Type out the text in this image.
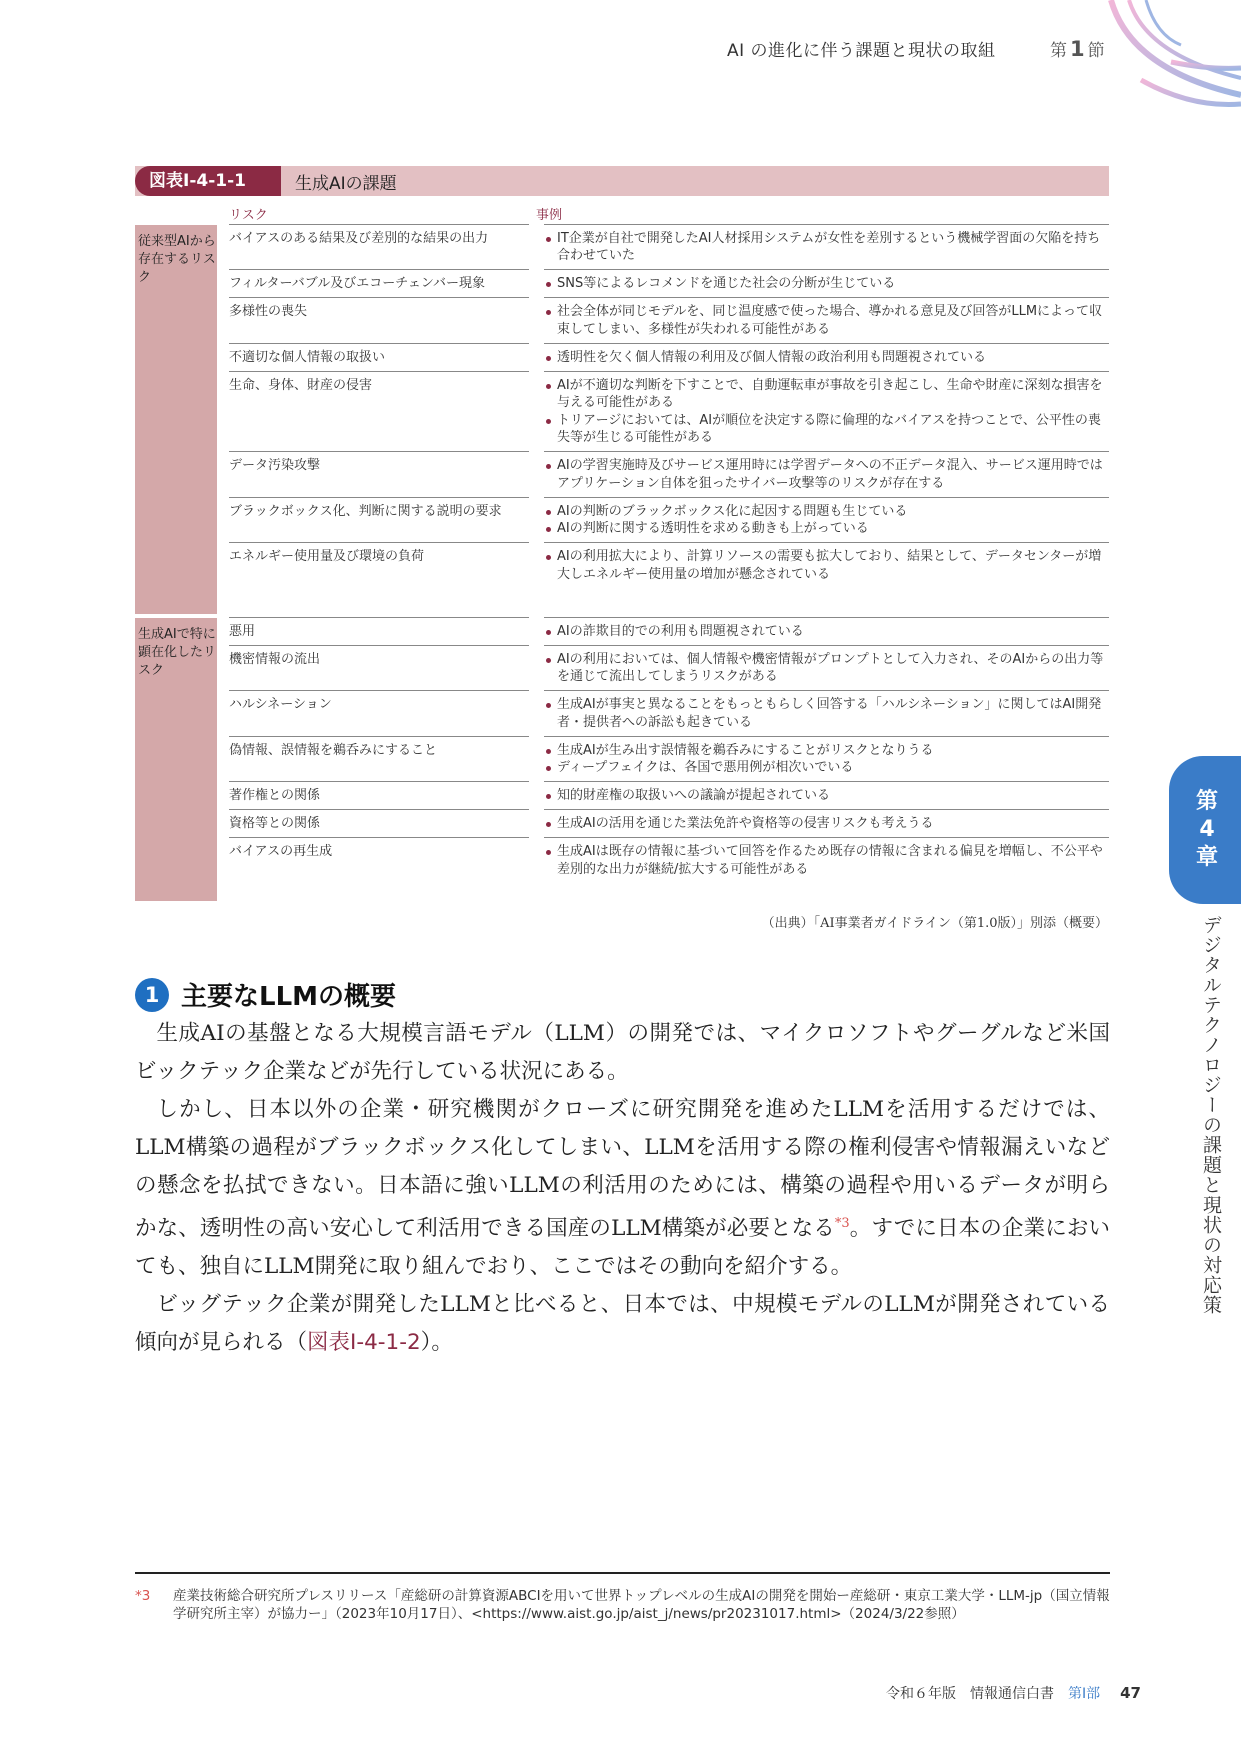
AI の進化に伴う課題と現状の取組	第 1 節
図表Ⅰ-4-1-1	生成AIの課題
リスク	事例
従来型AIから存在するリスク
バイアスのある結果及び差別的な結果の出力	IT企業が自社で開発したAI人材採用システムが女性を差別するという機械学習面の欠陥を持ち合わせていた
フィルターバブル及びエコーチェンバー現象	SNS等によるレコメンドを通じた社会の分断が生じている
多様性の喪失	社会全体が同じモデルを、同じ温度感で使った場合、導かれる意見及び回答がLLMによって収束してしまい、多様性が失われる可能性がある
不適切な個人情報の取扱い	透明性を欠く個人情報の利用及び個人情報の政治利用も問題視されている
生命、身体、財産の侵害	AIが不適切な判断を下すことで、自動運転車が事故を引き起こし、生命や財産に深刻な損害を与える可能性がある
トリアージにおいては、AIが順位を決定する際に倫理的なバイアスを持つことで、公平性の喪失等が生じる可能性がある
データ汚染攻撃	AIの学習実施時及びサービス運用時には学習データへの不正データ混入、サービス運用時ではアプリケーション自体を狙ったサイバー攻撃等のリスクが存在する
ブラックボックス化、判断に関する説明の要求	AIの判断のブラックボックス化に起因する問題も生じている
AIの判断に関する透明性を求める動きも上がっている
エネルギー使用量及び環境の負荷	AIの利用拡大により、計算リソースの需要も拡大しており、結果として、データセンターが増大しエネルギー使用量の増加が懸念されている
生成AIで特に顕在化したリスク
悪用	AIの詐欺目的での利用も問題視されている
機密情報の流出	AIの利用においては、個人情報や機密情報がプロンプトとして入力され、そのAIからの出力等を通じて流出してしまうリスクがある
ハルシネーション	生成AIが事実と異なることをもっともらしく回答する「ハルシネーション」に関してはAI開発者・提供者への訴訟も起きている
偽情報、誤情報を鵜呑みにすること	生成AIが生み出す誤情報を鵜呑みにすることがリスクとなりうる
ディープフェイクは、各国で悪用例が相次いでいる
著作権との関係	知的財産権の取扱いへの議論が提起されている
資格等との関係	生成AIの活用を通じた業法免許や資格等の侵害リスクも考えうる
バイアスの再生成	生成AIは既存の情報に基づいて回答を作るため既存の情報に含まれる偏見を増幅し、不公平や差別的な出力が継続/拡大する可能性がある
（出典）「AI事業者ガイドライン（第1.0版）」別添（概要）
1 主要なLLMの概要

生成AIの基盤となる大規模言語モデル（LLM）の開発では、マイクロソフトやグーグルなど米国ビックテック企業などが先行している状況にある。

しかし、日本以外の企業・研究機関がクローズに研究開発を進めたLLMを活用するだけでは、LLM構築の過程がブラックボックス化してしまい、LLMを活用する際の権利侵害や情報漏えいなどの懸念を払拭できない。日本語に強いLLMの利活用のためには、構築の過程や用いるデータが明らかな、透明性の高い安心して利活用できる国産のLLM構築が必要となる$^{*3}$。すでに日本の企業においても、独自にLLM開発に取り組んでおり、ここではその動向を紹介する。

ビッグテック企業が開発したLLMと比べると、日本では、中規模モデルのLLMが開発されている傾向が見られる（図表Ⅰ-4-1-2）。

第
4
章
デジタルテクノロジーの課題と現状の対応策
*3	産業技術総合研究所プレスリリース「産総研の計算資源ABCIを用いて世界トップレベルの生成AIの開発を開始ー産総研・東京工業大学・LLM-jp（国立情報学研究所主宰）が協力ー」（2023年10月17日）、<https://www.aist.go.jp/aist_j/news/pr20231017.html>（2024/3/22参照）
令和６年版　情報通信白書 第Ⅰ部 47
